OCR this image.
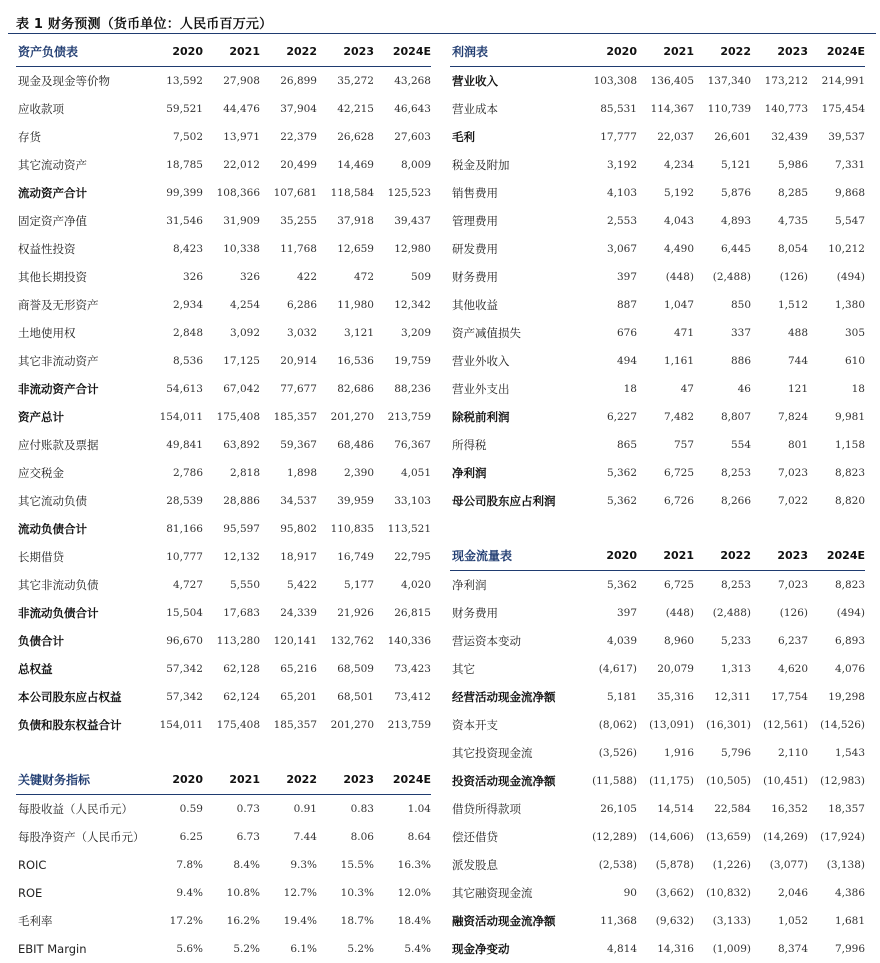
表 1 财务预测（货币单位：人民币百万元）
资产负债表	2020	2021	2022	2023	2024E
现金及现金等价物	13,592	27,908	26,899	35,272	43,268
应收款项	59,521	44,476	37,904	42,215	46,643
存货	7,502	13,971	22,379	26,628	27,603
其它流动资产	18,785	22,012	20,499	14,469	8,009
流动资产合计	99,399	108,366	107,681	118,584	125,523
固定资产净值	31,546	31,909	35,255	37,918	39,437
权益性投资	8,423	10,338	11,768	12,659	12,980
其他长期投资	326	326	422	472	509
商誉及无形资产	2,934	4,254	6,286	11,980	12,342
土地使用权	2,848	3,092	3,032	3,121	3,209
其它非流动资产	8,536	17,125	20,914	16,536	19,759
非流动资产合计	54,613	67,042	77,677	82,686	88,236
资产总计	154,011	175,408	185,357	201,270	213,759
应付账款及票据	49,841	63,892	59,367	68,486	76,367
应交税金	2,786	2,818	1,898	2,390	4,051
其它流动负债	28,539	28,886	34,537	39,959	33,103
流动负债合计	81,166	95,597	95,802	110,835	113,521
长期借贷	10,777	12,132	18,917	16,749	22,795
其它非流动负债	4,727	5,550	5,422	5,177	4,020
非流动负债合计	15,504	17,683	24,339	21,926	26,815
负债合计	96,670	113,280	120,141	132,762	140,336
总权益	57,342	62,128	65,216	68,509	73,423
本公司股东应占权益	57,342	62,124	65,201	68,501	73,412
负债和股东权益合计	154,011	175,408	185,357	201,270	213,759
关键财务指标	2020	2021	2022	2023	2024E
每股收益（人民币元）	0.59	0.73	0.91	0.83	1.04
每股净资产（人民币元）	6.25	6.73	7.44	8.06	8.64
ROIC	7.8%	8.4%	9.3%	15.5%	16.3%
ROE	9.4%	10.8%	12.7%	10.3%	12.0%
毛利率	17.2%	16.2%	19.4%	18.7%	18.4%
EBIT Margin	5.6%	5.2%	6.1%	5.2%	5.4%
利润表	2020	2021	2022	2023	2024E
营业收入	103,308	136,405	137,340	173,212	214,991
营业成本	85,531	114,367	110,739	140,773	175,454
毛利	17,777	22,037	26,601	32,439	39,537
税金及附加	3,192	4,234	5,121	5,986	7,331
销售费用	4,103	5,192	5,876	8,285	9,868
管理费用	2,553	4,043	4,893	4,735	5,547
研发费用	3,067	4,490	6,445	8,054	10,212
财务费用	397	(448)	(2,488)	(126)	(494)
其他收益	887	1,047	850	1,512	1,380
资产减值损失	676	471	337	488	305
营业外收入	494	1,161	886	744	610
营业外支出	18	47	46	121	18
除税前利润	6,227	7,482	8,807	7,824	9,981
所得税	865	757	554	801	1,158
净利润	5,362	6,725	8,253	7,023	8,823
母公司股东应占利润	5,362	6,726	8,266	7,022	8,820
现金流量表	2020	2021	2022	2023	2024E
净利润	5,362	6,725	8,253	7,023	8,823
财务费用	397	(448)	(2,488)	(126)	(494)
营运资本变动	4,039	8,960	5,233	6,237	6,893
其它	(4,617)	20,079	1,313	4,620	4,076
经营活动现金流净额	5,181	35,316	12,311	17,754	19,298
资本开支	(8,062)	(13,091)	(16,301)	(12,561)	(14,526)
其它投资现金流	(3,526)	1,916	5,796	2,110	1,543
投资活动现金流净额	(11,588)	(11,175)	(10,505)	(10,451)	(12,983)
借贷所得款项	26,105	14,514	22,584	16,352	18,357
偿还借贷	(12,289)	(14,606)	(13,659)	(14,269)	(17,924)
派发股息	(2,538)	(5,878)	(1,226)	(3,077)	(3,138)
其它融资现金流	90	(3,662)	(10,832)	2,046	4,386
融资活动现金流净额	11,368	(9,632)	(3,133)	1,052	1,681
现金净变动	4,814	14,316	(1,009)	8,374	7,996
